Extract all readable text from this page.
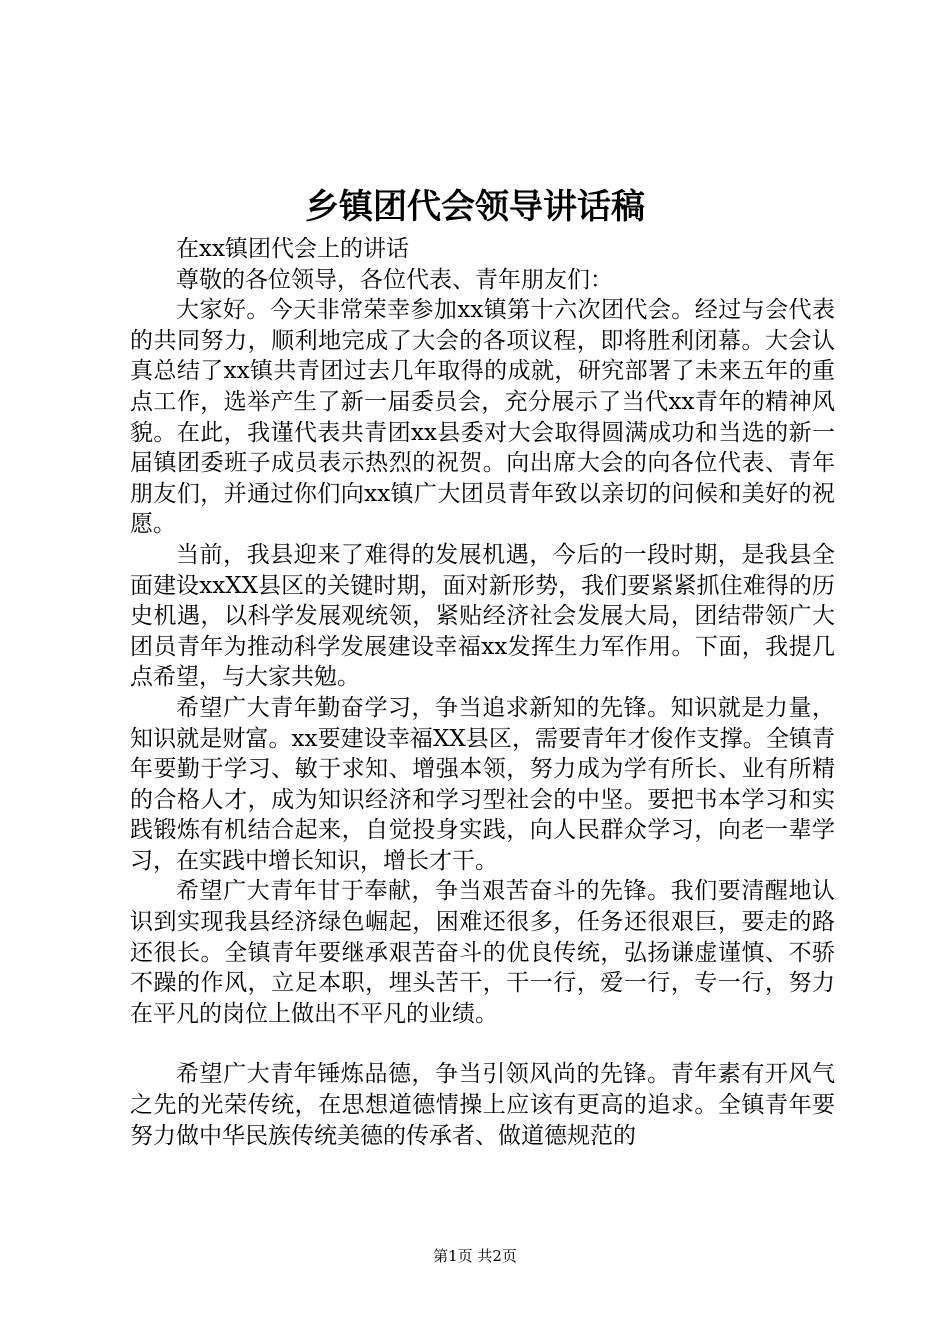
乡镇团代会领导讲话稿

在xx镇团代会上的讲话

尊敬的各位领导，各位代表、青年朋友们：

大家好。今天非常荣幸参加xx镇第十六次团代会。经过与会代表的共同努力，顺利地完成了大会的各项议程，即将胜利闭幕。大会认真总结了xx镇共青团过去几年取得的成就，研究部署了未来五年的重点工作，选举产生了新一届委员会，充分展示了当代xx青年的精神风貌。在此，我谨代表共青团xx县委对大会取得圆满成功和当选的新一届镇团委班子成员表示热烈的祝贺。向出席大会的向各位代表、青年朋友们，并通过你们向xx镇广大团员青年致以亲切的问候和美好的祝愿。

当前，我县迎来了难得的发展机遇，今后的一段时期，是我县全面建设xxXX县区的关键时期，面对新形势，我们要紧紧抓住难得的历史机遇，以科学发展观统领，紧贴经济社会发展大局，团结带领广大团员青年为推动科学发展建设幸福xx发挥生力军作用。下面，我提几点希望，与大家共勉。

希望广大青年勤奋学习，争当追求新知的先锋。知识就是力量，知识就是财富。xx要建设幸福XX县区，需要青年才俊作支撑。全镇青年要勤于学习、敏于求知、增强本领，努力成为学有所长、业有所精的合格人才，成为知识经济和学习型社会的中坚。要把书本学习和实践锻炼有机结合起来，自觉投身实践，向人民群众学习，向老一辈学习，在实践中增长知识，增长才干。

希望广大青年甘于奉献，争当艰苦奋斗的先锋。我们要清醒地认识到实现我县经济绿色崛起，困难还很多，任务还很艰巨，要走的路还很长。全镇青年要继承艰苦奋斗的优良传统，弘扬谦虚谨慎、不骄不躁的作风，立足本职，埋头苦干，干一行，爱一行，专一行，努力在平凡的岗位上做出不平凡的业绩。

希望广大青年锤炼品德，争当引领风尚的先锋。青年素有开风气之先的光荣传统，在思想道德情操上应该有更高的追求。全镇青年要努力做中华民族传统美德的传承者、做道德规范的

第1页 共2页
